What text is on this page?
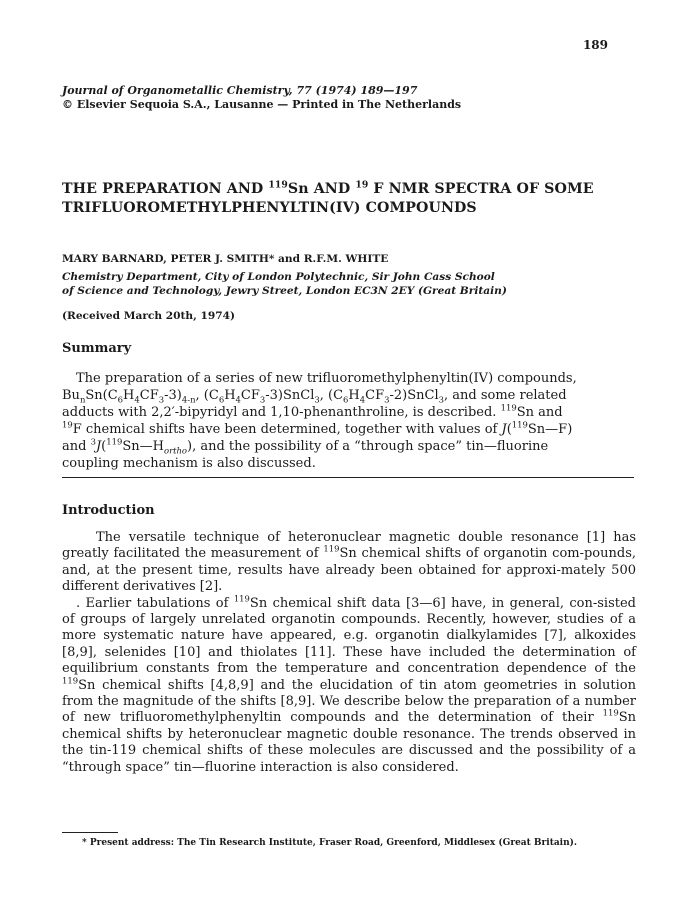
189
Journal of Organometallic Chemistry, 77 (1974) 189—197
© Elsevier Sequoia S.A., Lausanne — Printed in The Netherlands
THE PREPARATION AND $^{119}$Sn AND $^{19}$ F NMR SPECTRA OF SOME
TRIFLUOROMETHYLPHENYLTIN(IV) COMPOUNDS
MARY BARNARD, PETER J. SMITH* and R.F.M. WHITE
Chemistry Department, City of London Polytechnic, Sir John Cass School
of Science and Technology, Jewry Street, London EC3N 2EY (Great Britain)
(Received March 20th, 1974)
Summary
The preparation of a series of new trifluoromethylphenyltin(IV) compounds,
$Bu_nSn(C_6H_4CF_3-3)_{4-n}$, $(C_6H_4CF_3-3)SnCl_3$, $(C_6H_4CF_3-2)SnCl_3$, and some related
adducts with 2,2′-bipyridyl and 1,10-phenanthroline, is described. $^{119}$Sn and
$^{19}$F chemical shifts have been determined, together with values of J($^{119}$Sn—F)
and $^3J(^{119}Sn—H_{ortho})$, and the possibility of a “through space” tin—fluorine
coupling mechanism is also discussed.
Introduction

The versatile technique of heteronuclear magnetic double resonance [1] has greatly facilitated the measurement of $^{119}$Sn chemical shifts of organotin com-pounds, and, at the present time, results have already been obtained for approxi-mately 500 different derivatives [2].

. Earlier tabulations of $^{119}$Sn chemical shift data [3—6] have, in general, con-sisted of groups of largely unrelated organotin compounds. Recently, however, studies of a more systematic nature have appeared, e.g. organotin dialkylamides [7], alkoxides [8,9], selenides [10] and thiolates [11]. These have included the determination of equilibrium constants from the temperature and concentration dependence of the $^{119}$Sn chemical shifts [4,8,9] and the elucidation of tin atom geometries in solution from the magnitude of the shifts [8,9]. We describe below the preparation of a number of new trifluoromethylphenyltin compounds and the determination of their $^{119}$Sn chemical shifts by heteronuclear magnetic double resonance. The trends observed in the tin-119 chemical shifts of these molecules are discussed and the possibility of a “through space” tin—fluorine interaction is also considered.

* Present address: The Tin Research Institute, Fraser Road, Greenford, Middlesex (Great Britain).
